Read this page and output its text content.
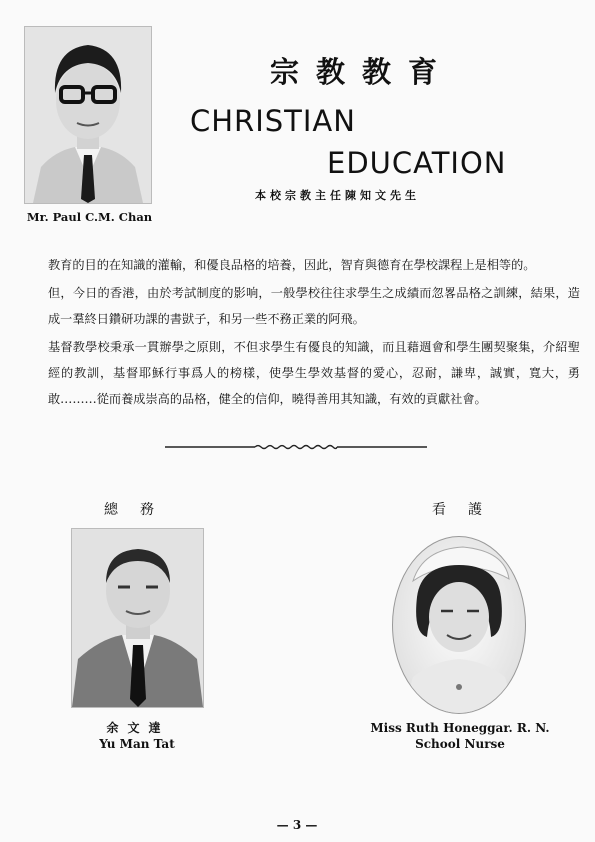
Mr. Paul C.M. Chan
宗教教育
CHRISTIAN
EDUCATION
本校宗教主任陳知文先生

教育的目的在知識的灌輸，和優良品格的培養，因此，智育與德育在學校課程上是相等的。

但，今日的香港，由於考試制度的影响，一般學校往往求學生之成績而忽畧品格之訓練，結果，造成一羣終日鑽研功課的書獃子，和另一些不務正業的阿飛。

基督教學校秉承一貫辦學之原則，不但求學生有優良的知識，而且藉週會和學生團契聚集，介紹聖經的教訓，基督耶穌行事爲人的榜樣，使學生學效基督的愛心，忍耐，謙卑，誠實，寬大，勇敢………從而養成崇高的品格，健全的信仰，曉得善用其知識，有效的貢獻社會。

總務	看護
余文達
Yu Man Tat
Miss Ruth Honeggar. R. N.
School Nurse
— 3 —
